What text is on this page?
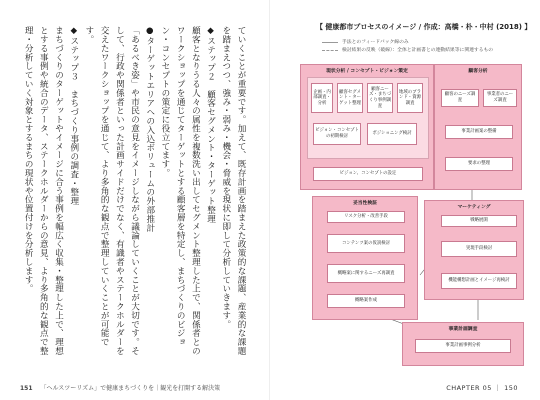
ていくことが重要です。加えて、既存計画を踏まえた政策的な課題、産業的な課題を踏まえつつ、強み・弱み・機会・脅威を現状に即して分析していきます。

◆ステップ２　顧客セグメント・ターゲット整理

顧客となりうる人々の属性を複数洗い出してセグメント整理した上で、関係者とのワークショップを通じてターゲットとする顧客層を特定し、まちづくりのビジョン・コンセプトの策定に役立てます。

●ターゲットエリアへの入込ボリュームの外部推計

「あるべき姿」や市民の意見をイメージしながら議論していくことが大切です。そして、行政や関係者といった計画サイドだけでなく、有識者やステークホルダーを交えたワークショップを通じて、より多角的な観点で整理していくことが可能です。

◆ステップ３　まちづくり事例の調査・整理

まちづくりのターゲットやイメージに合う事例を幅広く収集・整理した上で、理想とする事例や統合のデータ、ステークホルダーからの意見、より多角的な観点で整理・分析していく対象とするまちの現状や位置付けを分析します。

151 「ヘルスツーリズム」で健康まちづくりを｜観光を打開する解決策
【 健康都市プロセスのイメージ / 作成：高橋・朴・中村 (2018) 】
手法とのフィードバック線のみ
検討結果の反映（破線）：全体と計画書との連動結果等に関連するもの
現状分析 / コンセプト・ビジョン策定
企画・内部調査・分析
顧客セグメント・ターゲット整理
顧客ニーズ・まちづくり事例調査
地域のブランド・資源調査
ビジョン・コンセプトの初期検討
ポジショニング検討
ビジョン、コンセプトの設定
顧客分析
顧客のニーズ調査
事業者のニーズ調査
事業計画案の整備
要求の整理
妥当性検証
リスク分析・改善手段
コンテンツ案の仮説検討
概略案に関するニーズ再調査
概略案作成
マーケティング
戦略展開
実現手段検討
機能構想計画とイメージ再検討
事業計画調査
事業計画事例分析
CHAPTER 05 ｜ 150
